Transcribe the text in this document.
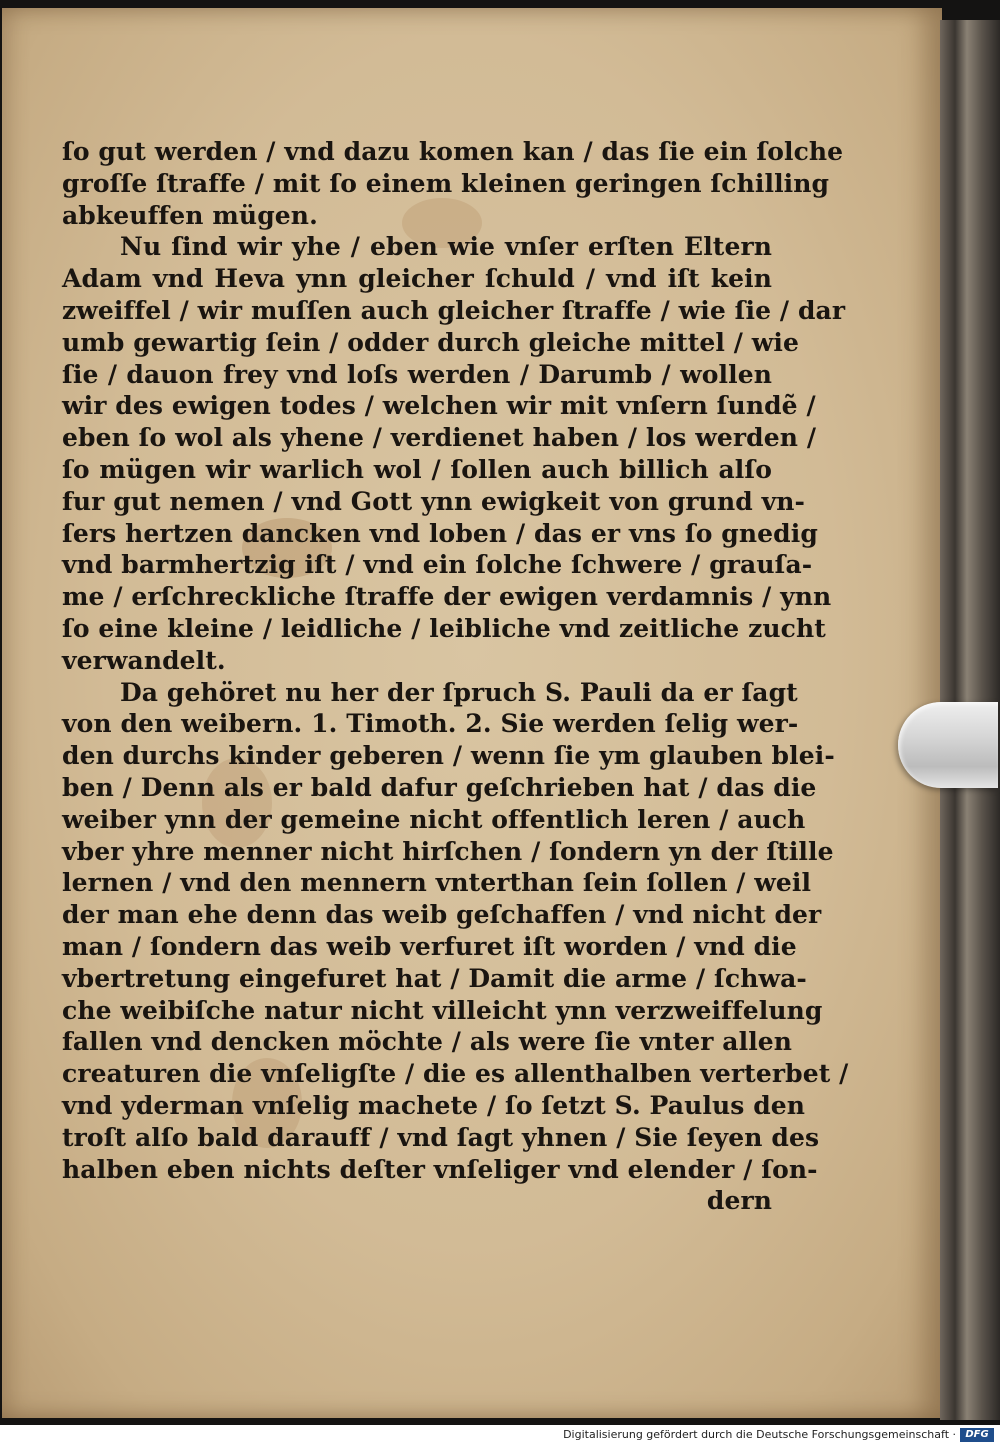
ſo gut werden / vnd dazu komen kan / das ſie ein ſolche
groſſe ſtraffe / mit ſo einem kleinen geringen ſchilling
abkeuffen mügen.
Nu ſind wir yhe / eben wie vnſer erſten Eltern
Adam vnd Heva ynn gleicher ſchuld / vnd iſt kein
zweiffel / wir muſſen auch gleicher ſtraffe / wie ſie / dar
umb gewartig ſein / odder durch gleiche mittel / wie
ſie / dauon frey vnd loſs werden / Darumb / wollen
wir des ewigen todes / welchen wir mit vnſern ſundẽ /
eben ſo wol als yhene / verdienet haben / los werden /
ſo mügen wir warlich wol / ſollen auch billich alſo
fur gut nemen / vnd Gott ynn ewigkeit von grund vn-
ſers hertzen dancken vnd loben / das er vns ſo gnedig
vnd barmhertzig iſt / vnd ein ſolche ſchwere / grauſa-
me / erſchreckliche ſtraffe der ewigen verdamnis / ynn
ſo eine kleine / leidliche / leibliche vnd zeitliche zucht
verwandelt.
Da gehöret nu her der ſpruch S. Pauli da er ſagt
von den weibern. 1. Timoth. 2. Sie werden ſelig wer-
den durchs kinder geberen / wenn ſie ym glauben blei-
ben / Denn als er bald dafur geſchrieben hat / das die
weiber ynn der gemeine nicht offentlich leren / auch
vber yhre menner nicht hirſchen / ſondern yn der ſtille
lernen / vnd den mennern vnterthan ſein ſollen / weil
der man ehe denn das weib geſchaffen / vnd nicht der
man / ſondern das weib verfuret iſt worden / vnd die
vbertretung eingefuret hat / Damit die arme / ſchwa-
che weibiſche natur nicht villeicht ynn verzweiffelung
fallen vnd dencken möchte / als were ſie vnter allen
creaturen die vnſeligſte / die es allenthalben verterbet /
vnd yderman vnſelig machete / ſo ſetzt S. Paulus den
troſt alſo bald darauff / vnd ſagt yhnen / Sie ſeyen des
halben eben nichts deſter vnſeliger vnd elender / ſon-
dern
Digitalisierung gefördert durch die Deutsche Forschungsgemeinschaft · DFG
